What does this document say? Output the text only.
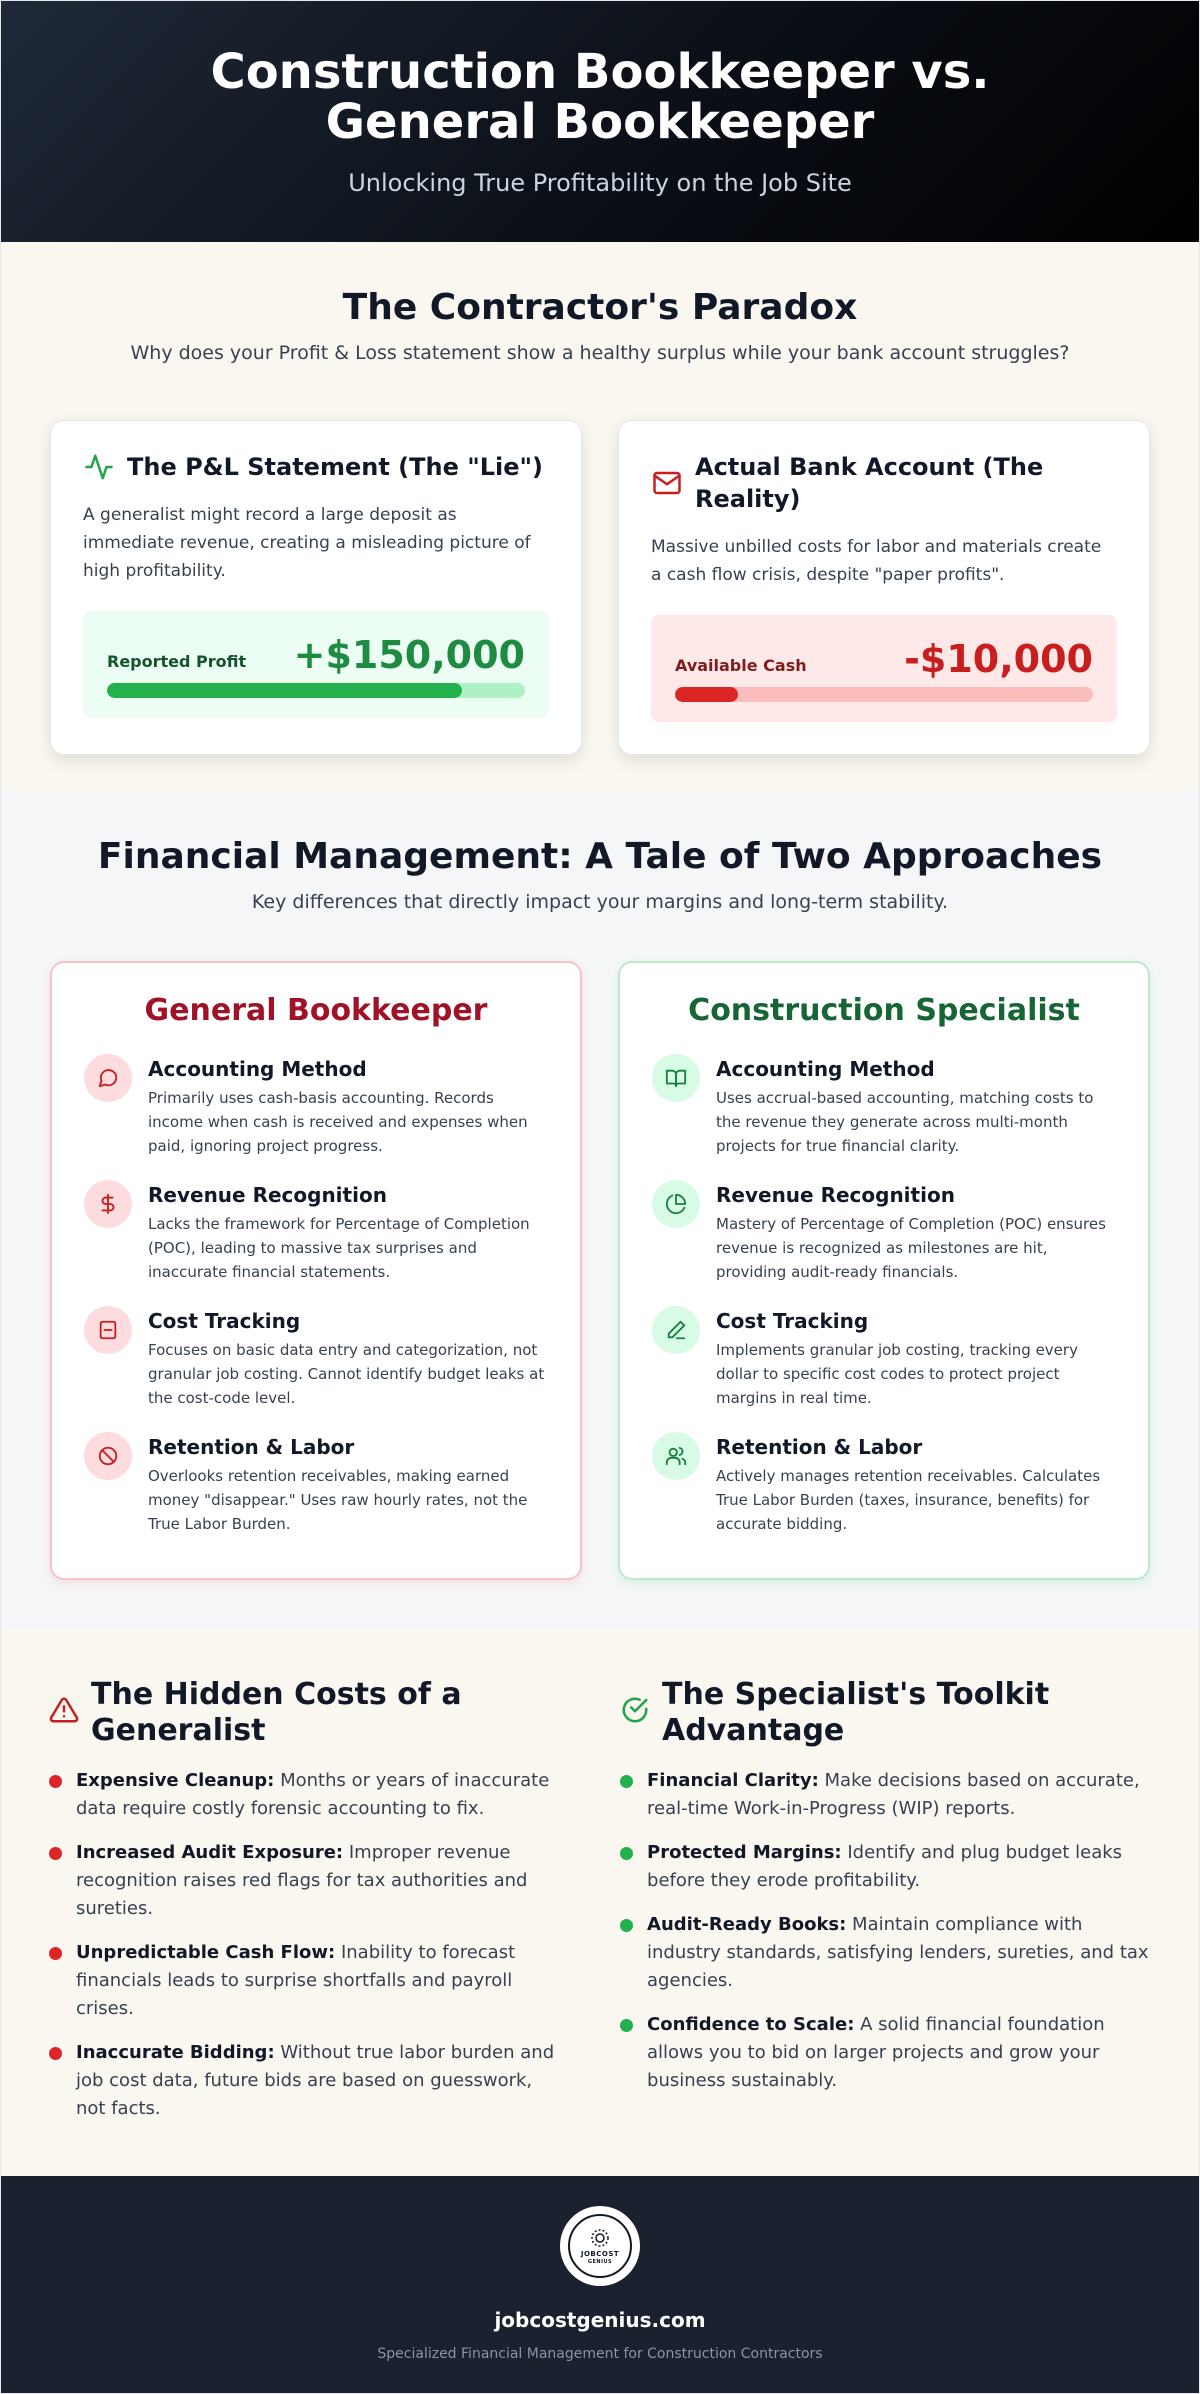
Construction Bookkeeper vs. General Bookkeeper
Unlocking True Profitability on the Job Site
The Contractor's Paradox
Why does your Profit & Loss statement show a healthy surplus while your bank account struggles?
The P&L Statement (The "Lie")

A generalist might record a large deposit as immediate revenue, creating a misleading picture of high profitability.

Reported Profit +$150,000
Actual Bank Account (The Reality)

Massive unbilled costs for labor and materials create a cash flow crisis, despite "paper profits".

Available Cash	-$10,000
Financial Management: A Tale of Two Approaches
Key differences that directly impact your margins and long-term stability.
General Bookkeeper
Accounting Method

Primarily uses cash-basis accounting. Records income when cash is received and expenses when paid, ignoring project progress.

Revenue Recognition

Lacks the framework for Percentage of Completion (POC), leading to massive tax surprises and inaccurate financial statements.

Cost Tracking

Focuses on basic data entry and categorization, not granular job costing. Cannot identify budget leaks at the cost-code level.

Retention & Labor

Overlooks retention receivables, making earned money "disappear." Uses raw hourly rates, not the True Labor Burden.

Construction Specialist
Accounting Method

Uses accrual-based accounting, matching costs to the revenue they generate across multi-month projects for true financial clarity.

Revenue Recognition

Mastery of Percentage of Completion (POC) ensures revenue is recognized as milestones are hit, providing audit-ready financials.

Cost Tracking

Implements granular job costing, tracking every dollar to specific cost codes to protect project margins in real time.

Retention & Labor

Actively manages retention receivables. Calculates True Labor Burden (taxes, insurance, benefits) for accurate bidding.

The Hidden Costs of a Generalist
Expensive Cleanup: Months or years of inaccurate data require costly forensic accounting to fix.
Increased Audit Exposure: Improper revenue recognition raises red flags for tax authorities and sureties.
Unpredictable Cash Flow: Inability to forecast financials leads to surprise shortfalls and payroll crises.
Inaccurate Bidding: Without true labor burden and job cost data, future bids are based on guesswork, not facts.
The Specialist's Toolkit Advantage
Financial Clarity: Make decisions based on accurate, real-time Work-in-Progress (WIP) reports.
Protected Margins: Identify and plug budget leaks before they erode profitability.
Audit-Ready Books: Maintain compliance with industry standards, satisfying lenders, sureties, and tax agencies.
Confidence to Scale: A solid financial foundation allows you to bid on larger projects and grow your business sustainably.
JOBCOST
GENIUS
jobcostgenius.com
Specialized Financial Management for Construction Contractors
